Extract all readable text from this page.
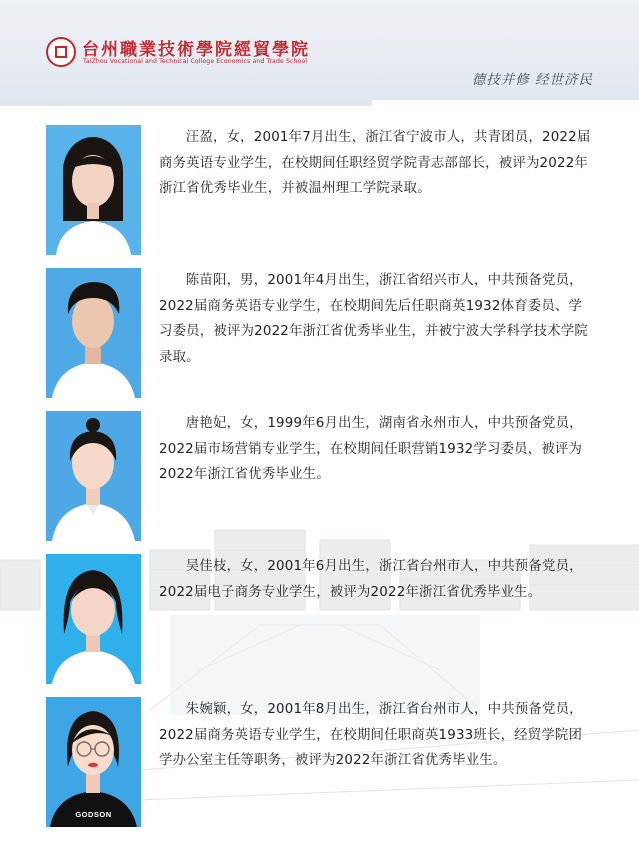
台州職業技術學院經貿學院
TaiZhou Vocational and Technical College Economics and Trade School
德技并修 经世济民
汪盈，女，2001年7月出生，浙江省宁波市人，共青团员，2022届商务英语专业学生，在校期间任职经贸学院青志部部长，被评为2022年浙江省优秀毕业生，并被温州理工学院录取。
陈苗阳，男，2001年4月出生，浙江省绍兴市人，中共预备党员，2022届商务英语专业学生，在校期间先后任职商英1932体育委员、学习委员，被评为2022年浙江省优秀毕业生，并被宁波大学科学技术学院录取。
唐艳妃，女，1999年6月出生，湖南省永州市人，中共预备党员，2022届市场营销专业学生，在校期间任职营销1932学习委员，被评为2022年浙江省优秀毕业生。
吴佳枝，女，2001年6月出生，浙江省台州市人，中共预备党员，2022届电子商务专业学生，被评为2022年浙江省优秀毕业生。
GODSON
朱婉颖，女，2001年8月出生，浙江省台州市人，中共预备党员，2022届商务英语专业学生，在校期间任职商英1933班长，经贸学院团学办公室主任等职务，被评为2022年浙江省优秀毕业生。
